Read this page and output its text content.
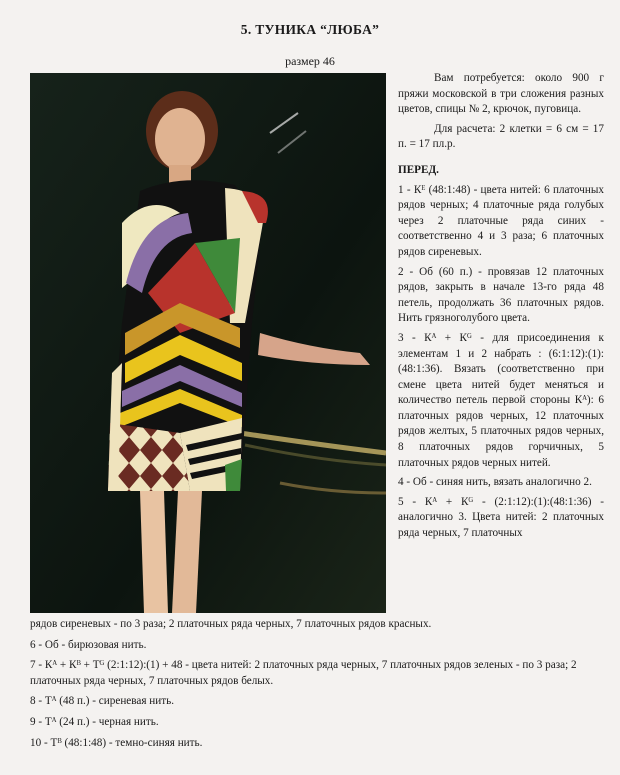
5. ТУНИКА “ЛЮБА”
размер 46

Вам потребуется: около 900 г пряжи московской в три сложения разных цветов, спицы № 2, крючок, пуговица.

Для расчета: 2 клетки = 6 см = 17 п. = 17 пл.р.

ПЕРЕД.

1 - Кᴱ (48:1:48) - цвета нитей: 6 платочных рядов черных; 4 платочные ряда голубых через 2 платочные ряда синих - соответственно 4 и 3 раза; 6 платочных рядов сиреневых.

2 - Об (60 п.) - провязав 12 платочных рядов, закрыть в начале 13-го ряда 48 петель, продолжать 36 платочных рядов. Нить грязноголубого цвета.

3 - Кᴬ + Кᴳ - для присоединения к элементам 1 и 2 набрать : (6:1:12):(1):(48:1:36). Вязать (соответственно при смене цвета нитей будет меняться и количество петель первой стороны Кᴬ): 6 платочных рядов черных, 12 платочных рядов желтых, 5 платочных рядов черных, 8 платочных рядов горчичных, 5 платочных рядов черных нитей.

4 - Об - синяя нить, вязать аналогично 2.

5 - Кᴬ + Кᴳ - (2:1:12):(1):(48:1:36) - аналогично 3. Цвета нитей: 2 платочных ряда черных, 7 платочных

рядов сиреневых - по 3 раза; 2 платочных ряда черных, 7 платочных рядов красных.

6 - Об - бирюзовая нить.

7 - Кᴬ + Кᴮ + Тᴳ (2:1:12):(1) + 48 - цвета нитей: 2 платочных ряда черных, 7 платочных рядов зеленых - по 3 раза; 2 платочных ряда черных, 7 платочных рядов белых.

8 - Тᴬ (48 п.) - сиреневая нить.

9 - Тᴬ (24 п.) - черная нить.

10 - Тᴮ (48:1:48) - темно-синяя нить.
